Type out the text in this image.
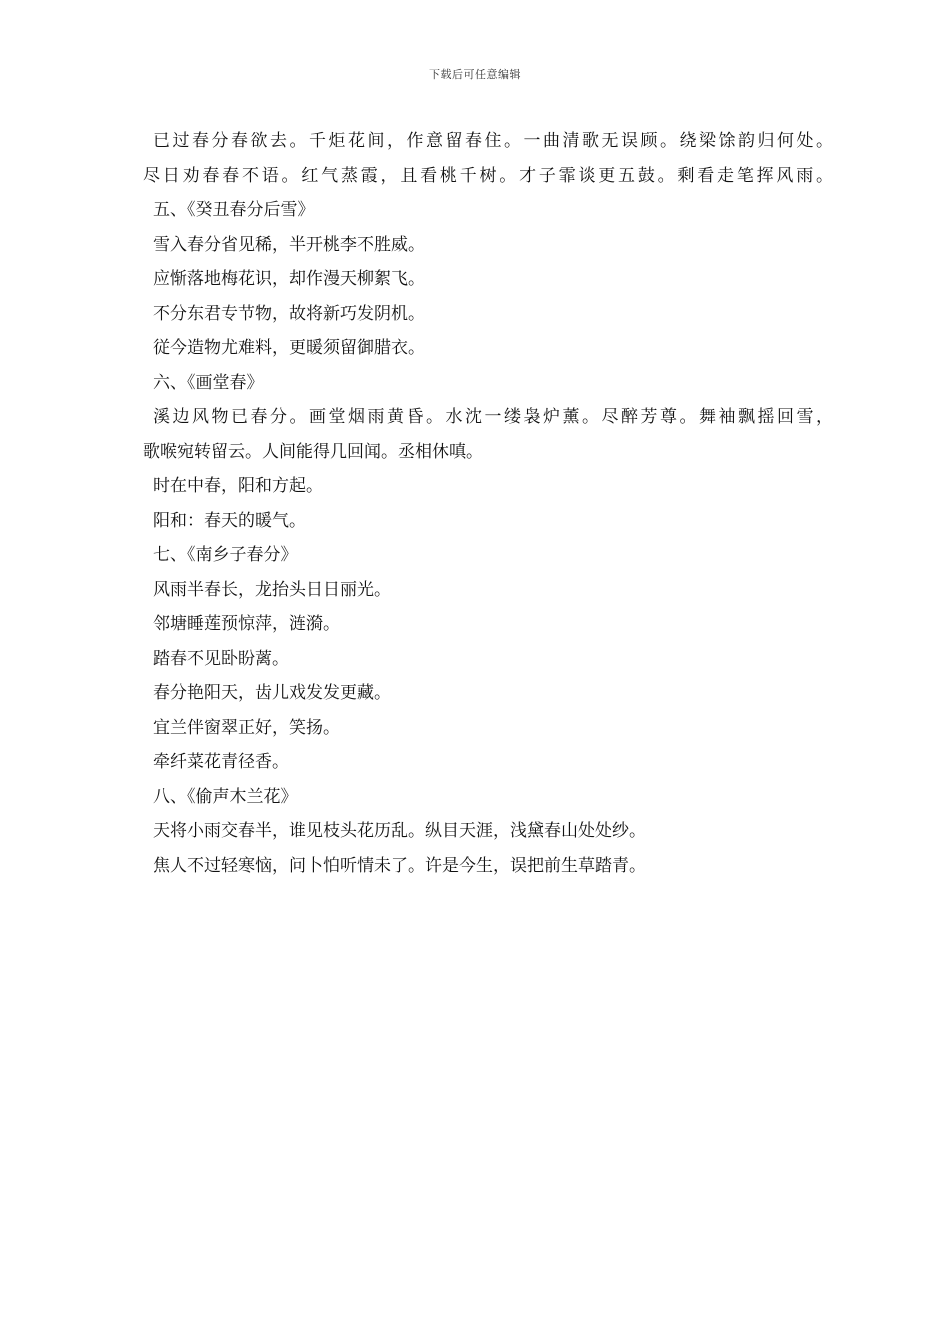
下载后可任意编辑
已过春分春欲去。千炬花间，作意留春住。一曲清歌无误顾。绕梁馀韵归何处。
尽日劝春春不语。红气蒸霞，且看桃千树。才子霏谈更五鼓。剩看走笔挥风雨。
五、《癸丑春分后雪》
雪入春分省见稀，半开桃李不胜威。
应惭落地梅花识，却作漫天柳絮飞。
不分东君专节物，故将新巧发阴机。
従今造物尤难料，更暖须留御腊衣。
六、《画堂春》
溪边风物已春分。画堂烟雨黄昏。水沈一缕袅炉薰。尽醉芳尊。舞袖飘摇回雪，
歌喉宛转留云。人间能得几回闻。丞相休嗔。
时在中春，阳和方起。
阳和：春天的暖气。
七、《南乡子春分》
风雨半春长，龙抬头日日丽光。
邻塘睡莲预惊萍，涟漪。
踏春不见卧盼蓠。
春分艳阳天，齿儿戏发发更藏。
宜兰伴窗翠正好，笑扬。
牵纤菜花青径香。
八、《偷声木兰花》
天将小雨交春半，谁见枝头花历乱。纵目天涯，浅黛春山处处纱。
焦人不过轻寒恼，问卜怕听情未了。许是今生，误把前生草踏青。
